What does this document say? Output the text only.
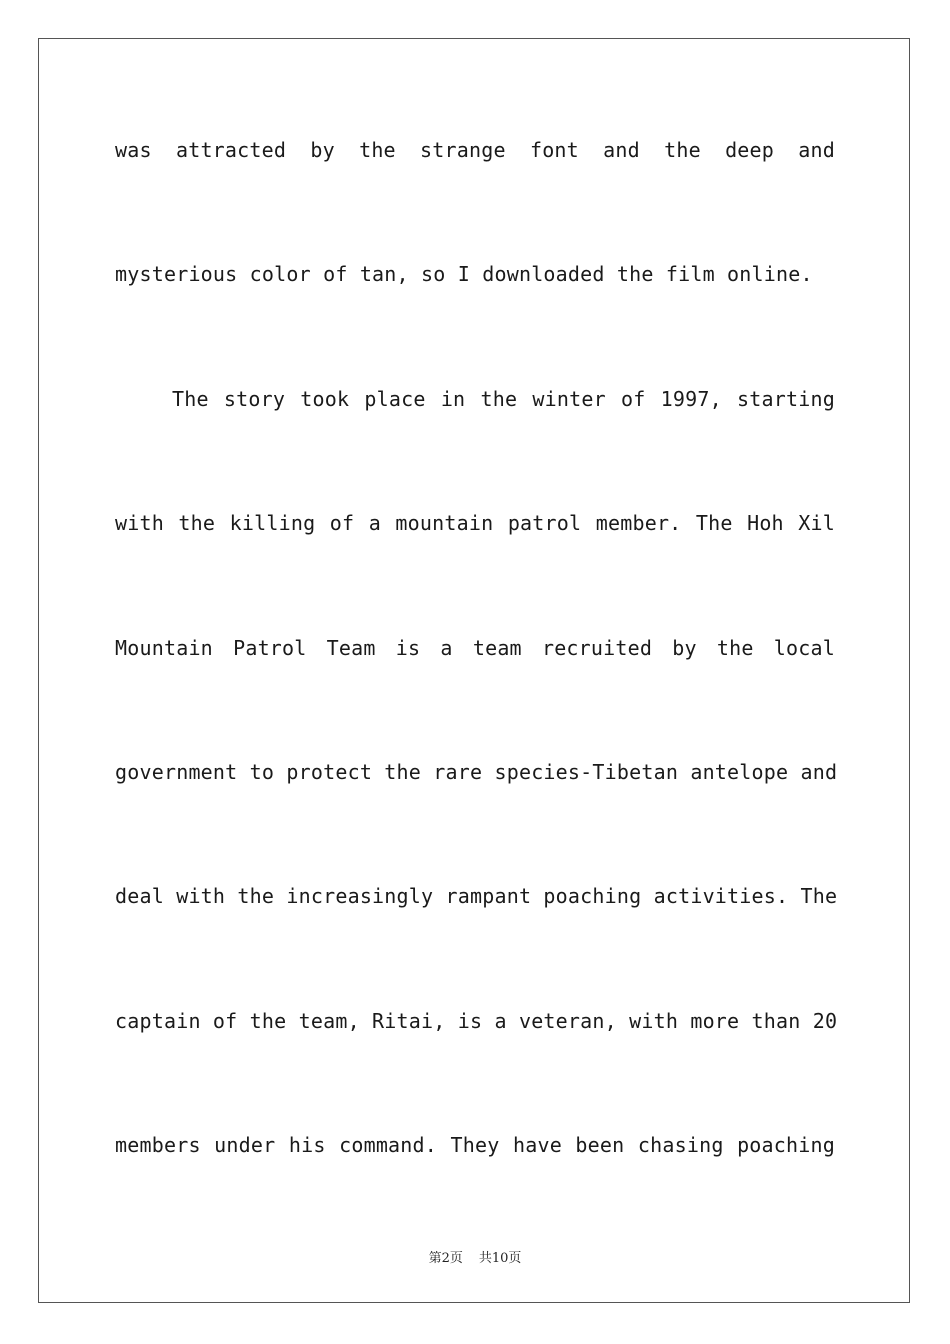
was attracted by the strange font and the deep and
mysterious color of tan, so I downloaded the film online.
The story took place in the winter of 1997, starting
with the killing of a mountain patrol member. The Hoh Xil
Mountain Patrol Team is a team recruited by the local
government to protect the rare species-Tibetan antelope and
deal with the increasingly rampant poaching activities. The
captain of the team, Ritai, is a veteran, with more than 20
members under his command. They have been chasing poaching
第2页 共10页
